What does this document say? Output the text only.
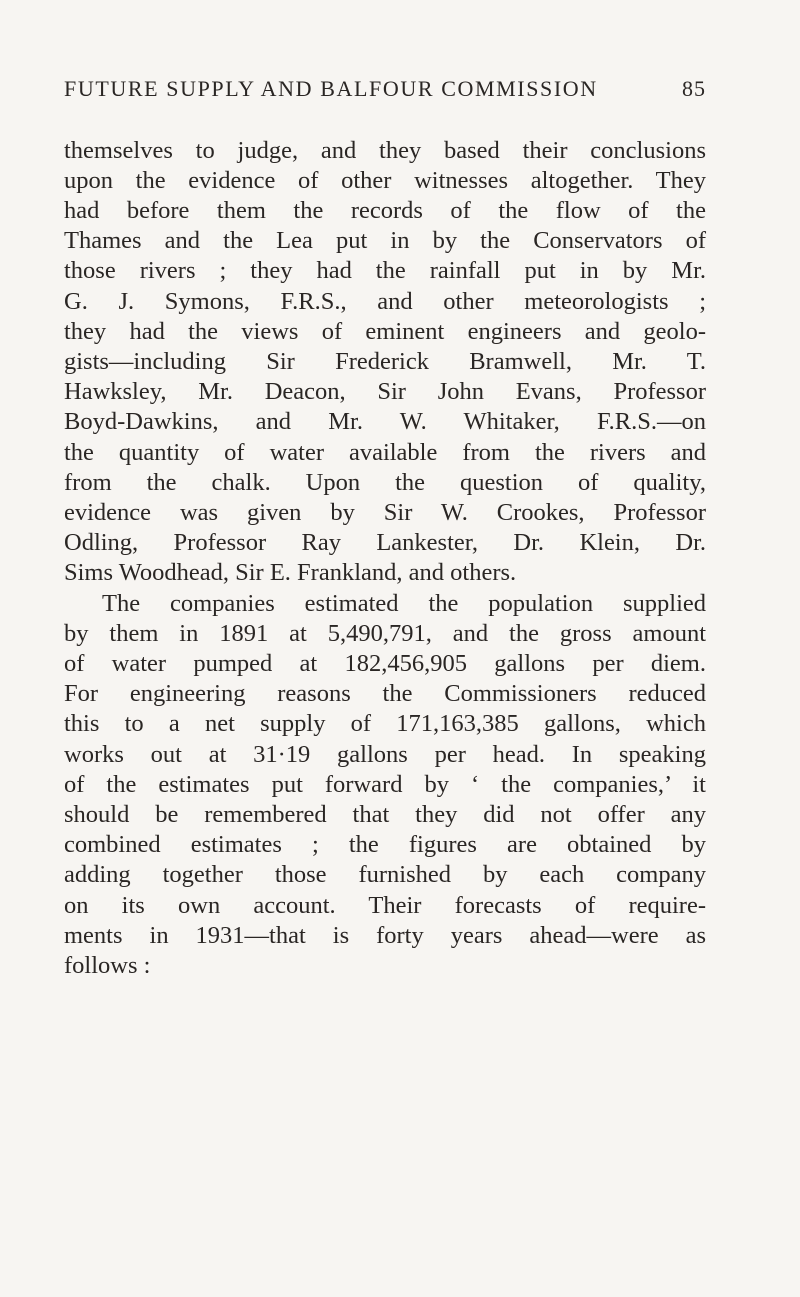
FUTURE SUPPLY AND BALFOUR COMMISSION	85
themselves to judge, and they based their conclusions
upon the evidence of other witnesses altogether. They
had before them the records of the flow of the
Thames and the Lea put in by the Conservators of
those rivers ; they had the rainfall put in by Mr.
G. J. Symons, F.R.S., and other meteorologists ;
they had the views of eminent engineers and geolo-
gists—including Sir Frederick Bramwell, Mr. T.
Hawksley, Mr. Deacon, Sir John Evans, Professor
Boyd-Dawkins, and Mr. W. Whitaker, F.R.S.—on
the quantity of water available from the rivers and
from the chalk. Upon the question of quality,
evidence was given by Sir W. Crookes, Professor
Odling, Professor Ray Lankester, Dr. Klein, Dr.
Sims Woodhead, Sir E. Frankland, and others.
The companies estimated the population supplied
by them in 1891 at 5,490,791, and the gross amount
of water pumped at 182,456,905 gallons per diem.
For engineering reasons the Commissioners reduced
this to a net supply of 171,163,385 gallons, which
works out at 31·19 gallons per head. In speaking
of the estimates put forward by ‘ the companies,’ it
should be remembered that they did not offer any
combined estimates ; the figures are obtained by
adding together those furnished by each company
on its own account. Their forecasts of require-
ments in 1931—that is forty years ahead—were as
follows :
